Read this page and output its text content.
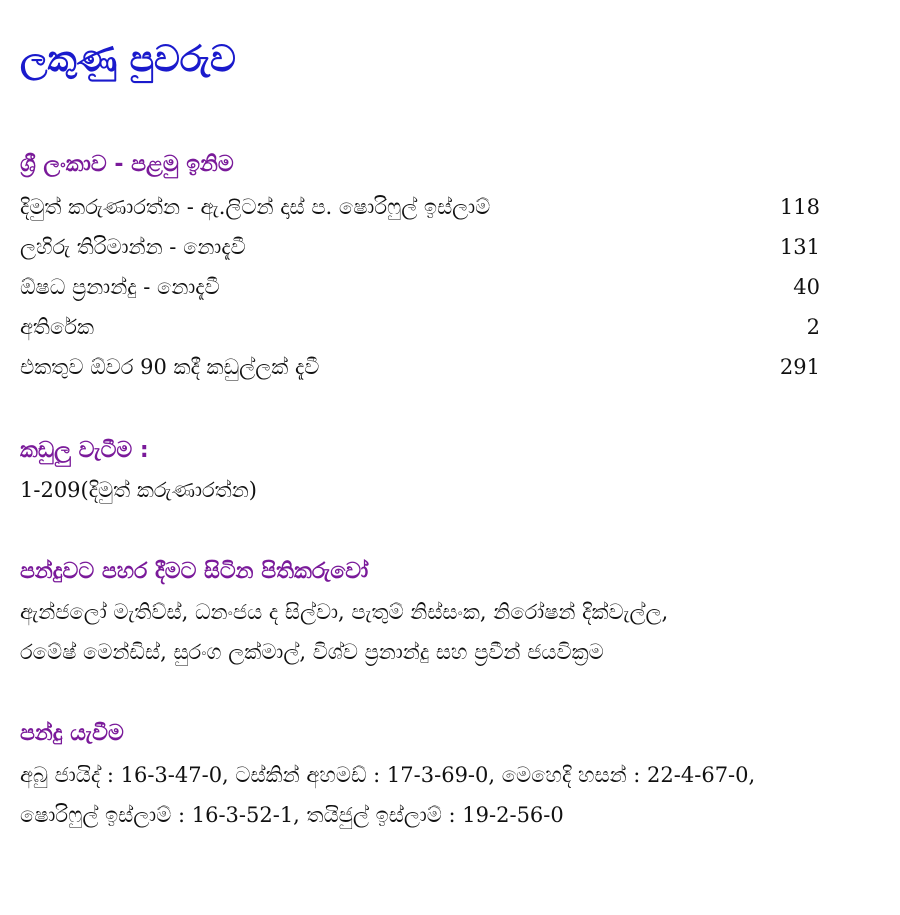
ලකුණු පුවරුව
ශ්‍රී ලංකාව - පළමු ඉනිම
දිමුත් කරුණාරත්න - ඇ.ලිටන් දාස් ප. ෂොරිෆුල් ඉස්ලාම්	118
ලහිරු තිරිමාන්න - නොදැවී	131
ඕෂධ ප්‍රනාන්දු - නොදැවී	40
අතිරේක	2
එකතුව ඕවර 90 කදී කඩුල්ලක් දැවී	291
කඩුලු වැටීම :
1-209(දිමුත් කරුණාරත්න)
පන්දුවට පහර දීමට සිටින පිතිකරුවෝ
ඇන්ජලෝ මැතිව්ස්, ධනංජය ද සිල්වා, පැතුම් නිස්සංක, නිරෝෂන් දික්වැල්ල,
රමේෂ් මෙන්ඩිස්, සුරංග ලක්මාල්, විශ්ව ප්‍රනාන්දු සහ ප්‍රවීන් ජයවික්‍රම
පන්දු යැවීම
අබු ජායිද් : 16-3-47-0, ටස්කින් අහමඩ් : 17-3-69-0, මෙහෙදි හසන් : 22-4-67-0,
ෂොරිෆුල් ඉස්ලාම් : 16-3-52-1, තයිජුල් ඉස්ලාම් : 19-2-56-0
